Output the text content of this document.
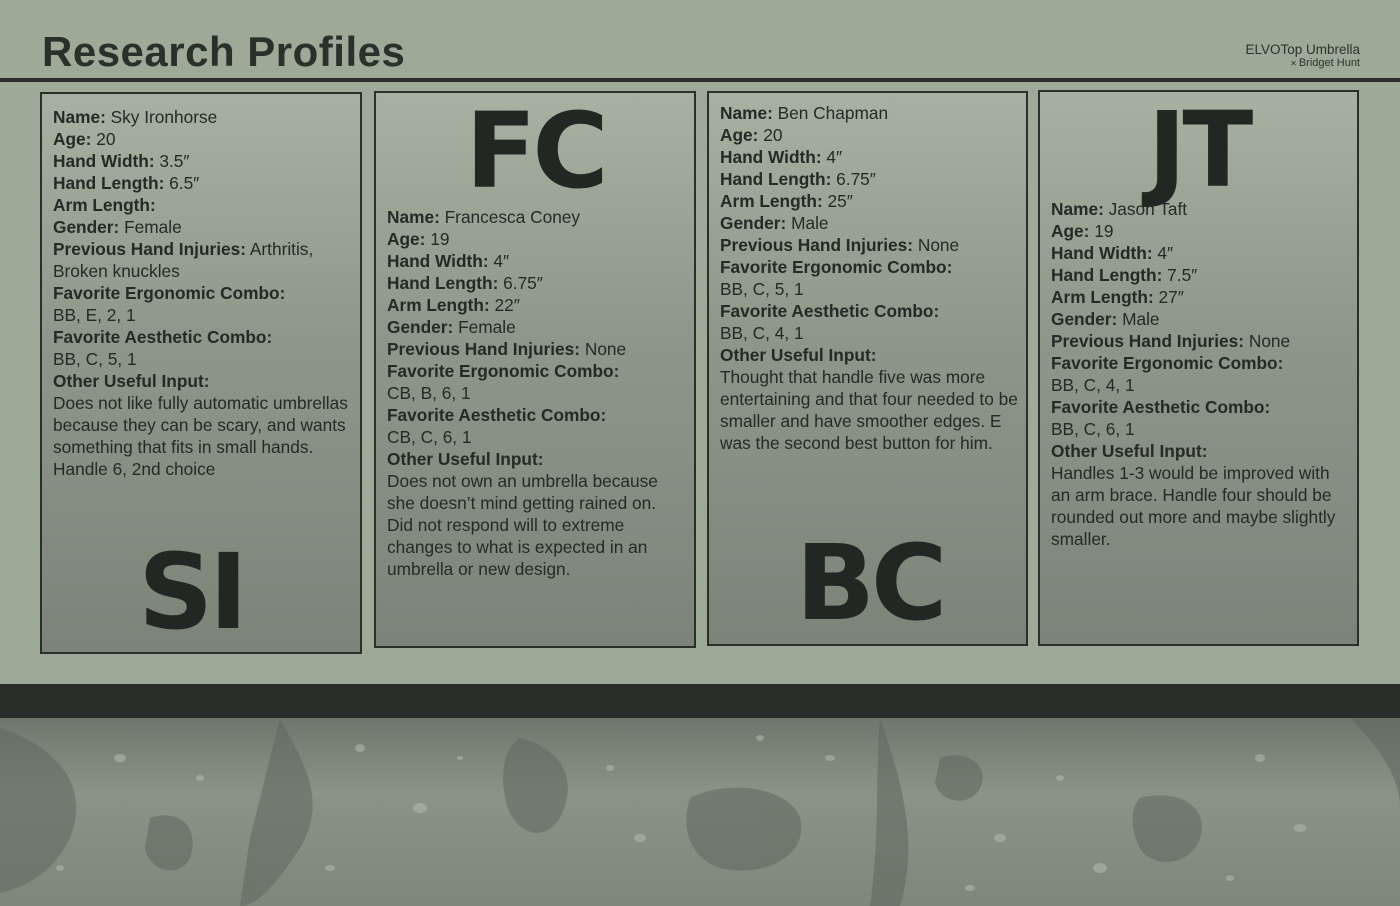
Research Profiles	ELVOTop Umbrella
✕ Bridget Hunt

Name: Sky Ironhorse

Age: 20

Hand Width: 3.5″

Hand Length: 6.5″

Arm Length:

Gender: Female

Previous Hand Injuries: Arthritis, Broken knuckles

Favorite Ergonomic Combo:

BB, E, 2, 1

Favorite Aesthetic Combo:

BB, C, 5, 1

Other Useful Input:

Does not like fully automatic umbrellas because they can be scary, and wants something that fits in small hands. Handle 6, 2nd choice

SI
FC

Name: Francesca Coney

Age: 19

Hand Width: 4″

Hand Length: 6.75″

Arm Length: 22″

Gender: Female

Previous Hand Injuries: None

Favorite Ergonomic Combo:

CB, B, 6, 1

Favorite Aesthetic Combo:

CB, C, 6, 1

Other Useful Input:

Does not own an umbrella because she doesn’t mind getting rained on. Did not respond will to extreme changes to what is expected in an umbrella or new design.

Name: Ben Chapman

Age: 20

Hand Width: 4″

Hand Length: 6.75″

Arm Length: 25″

Gender: Male

Previous Hand Injuries: None

Favorite Ergonomic Combo:

BB, C, 5, 1

Favorite Aesthetic Combo:

BB, C, 4, 1

Other Useful Input:

Thought that handle five was more entertaining and that four needed to be smaller and have smoother edges. E was the second best button for him.

BC
JT

Name: Jason Taft

Age: 19

Hand Width: 4″

Hand Length: 7.5″

Arm Length: 27″

Gender: Male

Previous Hand Injuries: None

Favorite Ergonomic Combo:

BB, C, 4, 1

Favorite Aesthetic Combo:

BB, C, 6, 1

Other Useful Input:

Handles 1-3 would be improved with an arm brace. Handle four should be rounded out more and maybe slightly smaller.
